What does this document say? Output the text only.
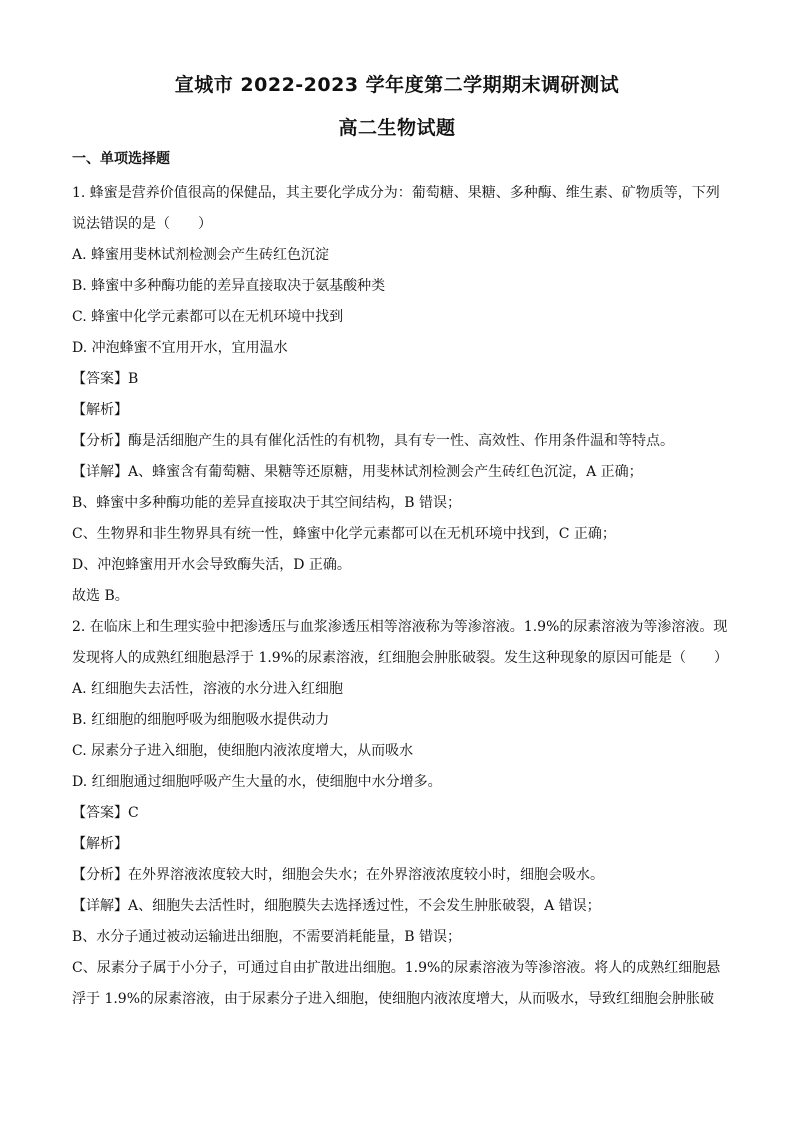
宣城市 2022-2023 学年度第二学期期末调研测试
高二生物试题
一、单项选择题
1. 蜂蜜是营养价值很高的保健品，其主要化学成分为：葡萄糖、果糖、多种酶、维生素、矿物质等，下列
说法错误的是（　　）
A. 蜂蜜用斐林试剂检测会产生砖红色沉淀
B. 蜂蜜中多种酶功能的差异直接取决于氨基酸种类
C. 蜂蜜中化学元素都可以在无机环境中找到
D. 冲泡蜂蜜不宜用开水，宜用温水
【答案】B
【解析】
【分析】酶是活细胞产生的具有催化活性的有机物，具有专一性、高效性、作用条件温和等特点。
【详解】A、蜂蜜含有葡萄糖、果糖等还原糖，用斐林试剂检测会产生砖红色沉淀，A 正确；
B、蜂蜜中多种酶功能的差异直接取决于其空间结构，B 错误；
C、生物界和非生物界具有统一性，蜂蜜中化学元素都可以在无机环境中找到，C 正确；
D、冲泡蜂蜜用开水会导致酶失活，D 正确。
故选 B。
2. 在临床上和生理实验中把渗透压与血浆渗透压相等溶液称为等渗溶液。1.9%的尿素溶液为等渗溶液。现
发现将人的成熟红细胞悬浮于 1.9%的尿素溶液，红细胞会肿胀破裂。发生这种现象的原因可能是（　　）
A. 红细胞失去活性，溶液的水分进入红细胞
B. 红细胞的细胞呼吸为细胞吸水提供动力
C. 尿素分子进入细胞，使细胞内液浓度增大，从而吸水
D. 红细胞通过细胞呼吸产生大量的水，使细胞中水分增多。
【答案】C
【解析】
【分析】在外界溶液浓度较大时，细胞会失水；在外界溶液浓度较小时，细胞会吸水。
【详解】A、细胞失去活性时，细胞膜失去选择透过性，不会发生肿胀破裂，A 错误；
B、水分子通过被动运输进出细胞，不需要消耗能量，B 错误；
C、尿素分子属于小分子，可通过自由扩散进出细胞。1.9%的尿素溶液为等渗溶液。将人的成熟红细胞悬
浮于 1.9%的尿素溶液，由于尿素分子进入细胞，使细胞内液浓度增大，从而吸水，导致红细胞会肿胀破
